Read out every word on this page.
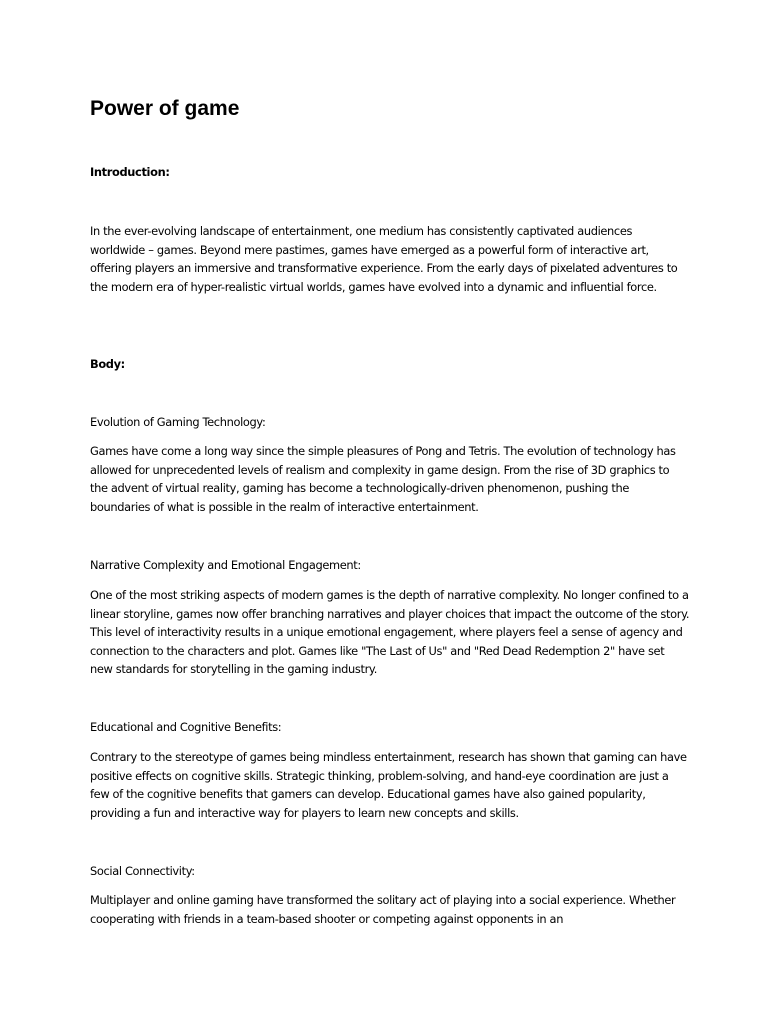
Power of game

Introduction:

In the ever-evolving landscape of entertainment, one medium has consistently captivated audiences worldwide – games. Beyond mere pastimes, games have emerged as a powerful form of interactive art, offering players an immersive and transformative experience. From the early days of pixelated adventures to the modern era of hyper-realistic virtual worlds, games have evolved into a dynamic and influential force.

Body:

Evolution of Gaming Technology:

Games have come a long way since the simple pleasures of Pong and Tetris. The evolution of technology has allowed for unprecedented levels of realism and complexity in game design. From the rise of 3D graphics to the advent of virtual reality, gaming has become a technologically-driven phenomenon, pushing the boundaries of what is possible in the realm of interactive entertainment.

Narrative Complexity and Emotional Engagement:

One of the most striking aspects of modern games is the depth of narrative complexity. No longer confined to a linear storyline, games now offer branching narratives and player choices that impact the outcome of the story. This level of interactivity results in a unique emotional engagement, where players feel a sense of agency and connection to the characters and plot. Games like "The Last of Us" and "Red Dead Redemption 2" have set new standards for storytelling in the gaming industry.

Educational and Cognitive Benefits:

Contrary to the stereotype of games being mindless entertainment, research has shown that gaming can have positive effects on cognitive skills. Strategic thinking, problem-solving, and hand-eye coordination are just a few of the cognitive benefits that gamers can develop. Educational games have also gained popularity, providing a fun and interactive way for players to learn new concepts and skills.

Social Connectivity:

Multiplayer and online gaming have transformed the solitary act of playing into a social experience. Whether cooperating with friends in a team-based shooter or competing against opponents in an
